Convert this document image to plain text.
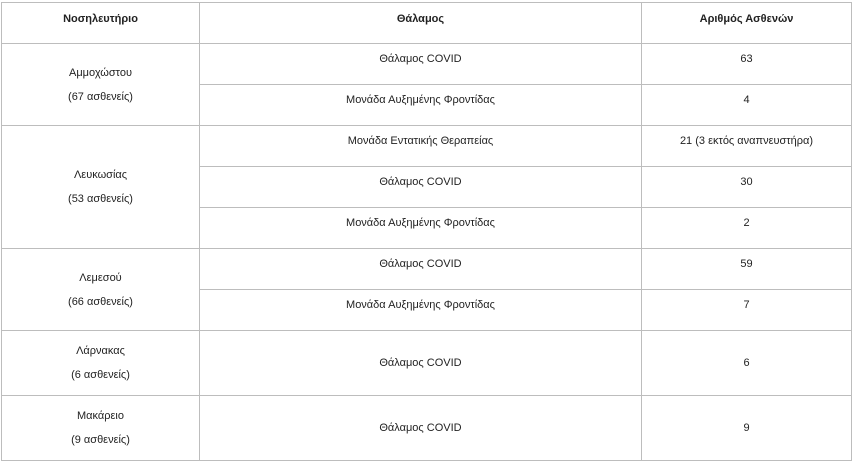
Νοσηλευτήριο	Θάλαμος	Αριθμός Ασθενών

Αμμοχώστου
(67 ασθενείς)	Θάλαμος COVID	63
	Μονάδα Αυξημένης Φροντίδας	4

Λευκωσίας
(53 ασθενείς)	Μονάδα Εντατικής Θεραπείας	21 (3 εκτός αναπνευστήρα)
	Θάλαμος COVID	30
	Μονάδα Αυξημένης Φροντίδας	2

Λεμεσού
(66 ασθενείς)	Θάλαμος COVID	59
	Μονάδα Αυξημένης Φροντίδας	7

Λάρνακας
(6 ασθενείς)	Θάλαμος COVID	6

Μακάρειο
(9 ασθενείς)	Θάλαμος COVID	9
